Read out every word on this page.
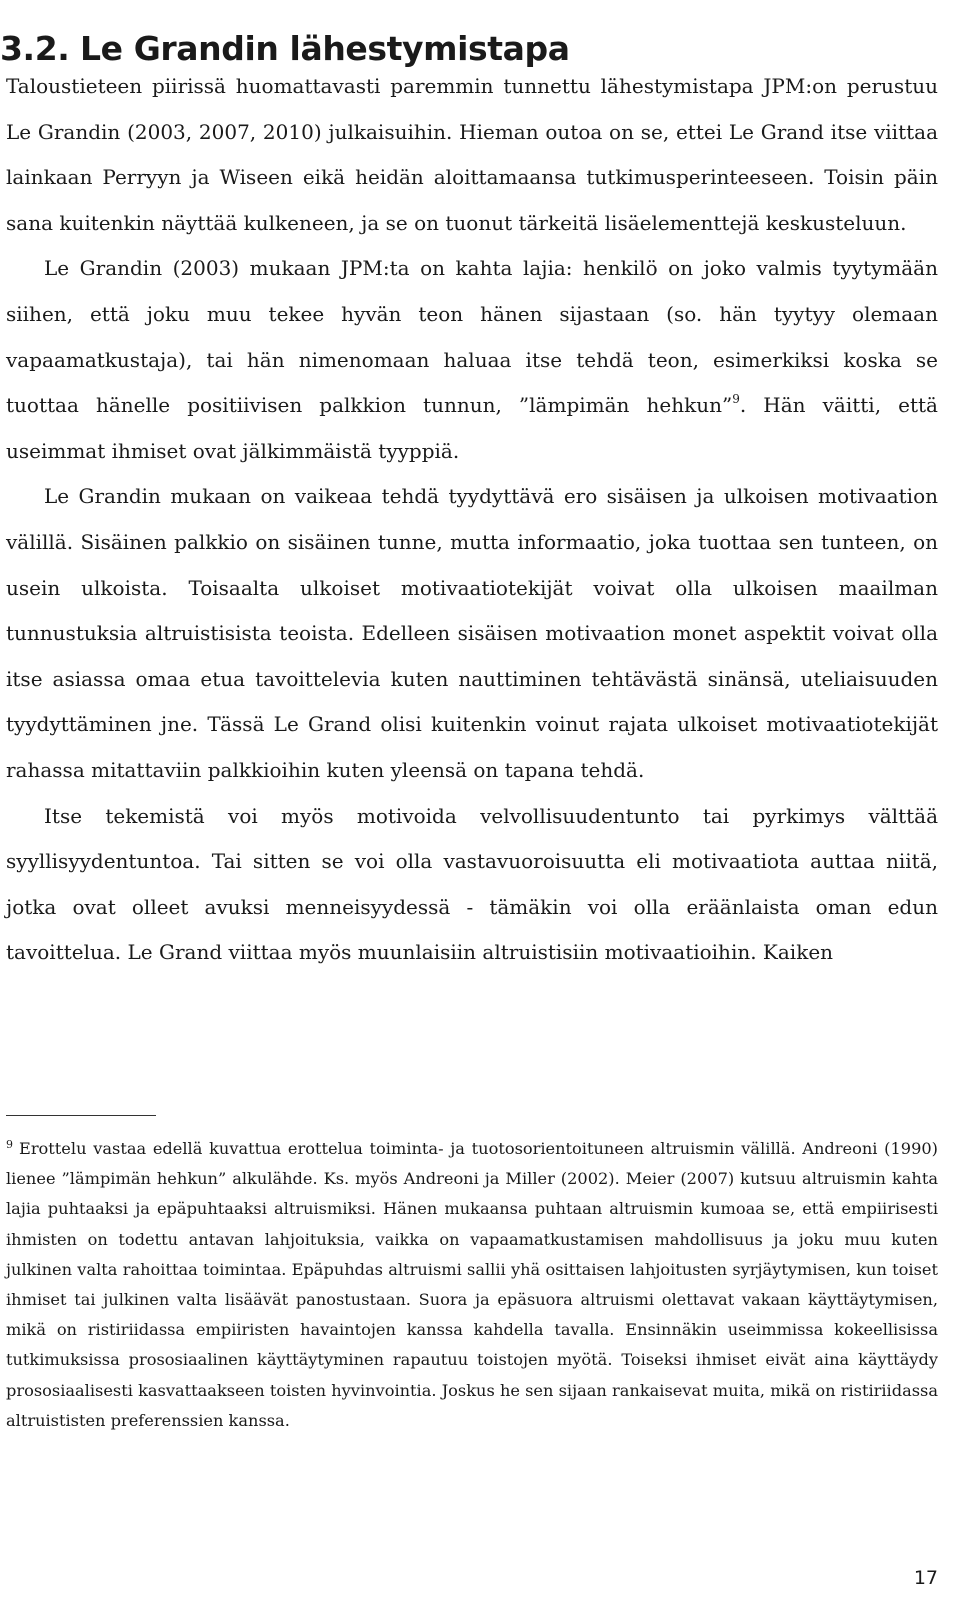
3.2. Le Grandin lähestymistapa

Taloustieteen piirissä huomattavasti paremmin tunnettu lähestymistapa JPM:on perustuu Le Grandin (2003, 2007, 2010) julkaisuihin. Hieman outoa on se, ettei Le Grand itse viittaa lainkaan Perryyn ja Wiseen eikä heidän aloittamaansa tutkimusperinteeseen. Toisin päin sana kuitenkin näyttää kulkeneen, ja se on tuonut tärkeitä lisäelementtejä keskusteluun.

Le Grandin (2003) mukaan JPM:ta on kahta lajia: henkilö on joko valmis tyytymään siihen, että joku muu tekee hyvän teon hänen sijastaan (so. hän tyytyy olemaan vapaamatkustaja), tai hän nimenomaan haluaa itse tehdä teon, esimerkiksi koska se tuottaa hänelle positiivisen palkkion tunnun, ”lämpimän hehkun”$^9$. Hän väitti, että useimmat ihmiset ovat jälkimmäistä tyyppiä.

Le Grandin mukaan on vaikeaa tehdä tyydyttävä ero sisäisen ja ulkoisen motivaation välillä. Sisäinen palkkio on sisäinen tunne, mutta informaatio, joka tuottaa sen tunteen, on usein ulkoista. Toisaalta ulkoiset motivaatiotekijät voivat olla ulkoisen maailman tunnustuksia altruistisista teoista. Edelleen sisäisen motivaation monet aspektit voivat olla itse asiassa omaa etua tavoittelevia kuten nauttiminen tehtävästä sinänsä, uteliaisuuden tyydyttäminen jne. Tässä Le Grand olisi kuitenkin voinut rajata ulkoiset motivaatiotekijät rahassa mitattaviin palkkioihin kuten yleensä on tapana tehdä.

Itse tekemistä voi myös motivoida velvollisuudentunto tai pyrkimys välttää syyllisyydentuntoa. Tai sitten se voi olla vastavuoroisuutta eli motivaatiota auttaa niitä, jotka ovat olleet avuksi menneisyydessä - tämäkin voi olla eräänlaista oman edun tavoittelua. Le Grand viittaa myös muunlaisiin altruistisiin motivaatioihin. Kaiken

$^9$ Erottelu vastaa edellä kuvattua erottelua toiminta- ja tuotosorientoituneen altruismin välillä. Andreoni (1990) lienee ”lämpimän hehkun” alkulähde. Ks. myös Andreoni ja Miller (2002). Meier (2007) kutsuu altruismin kahta lajia puhtaaksi ja epäpuhtaaksi altruismiksi. Hänen mukaansa puhtaan altruismin kumoaa se, että empiirisesti ihmisten on todettu antavan lahjoituksia, vaikka on vapaamatkustamisen mahdollisuus ja joku muu kuten julkinen valta rahoittaa toimintaa. Epäpuhdas altruismi sallii yhä osittaisen lahjoitusten syrjäytymisen, kun toiset ihmiset tai julkinen valta lisäävät panostustaan. Suora ja epäsuora altruismi olettavat vakaan käyttäytymisen, mikä on ristiriidassa empiiristen havaintojen kanssa kahdella tavalla. Ensinnäkin useimmissa kokeellisissa tutkimuksissa prososiaalinen käyttäytyminen rapautuu toistojen myötä. Toiseksi ihmiset eivät aina käyttäydy prososiaalisesti kasvattaakseen toisten hyvinvointia. Joskus he sen sijaan rankaisevat muita, mikä on ristiriidassa altruististen preferenssien kanssa.

17
